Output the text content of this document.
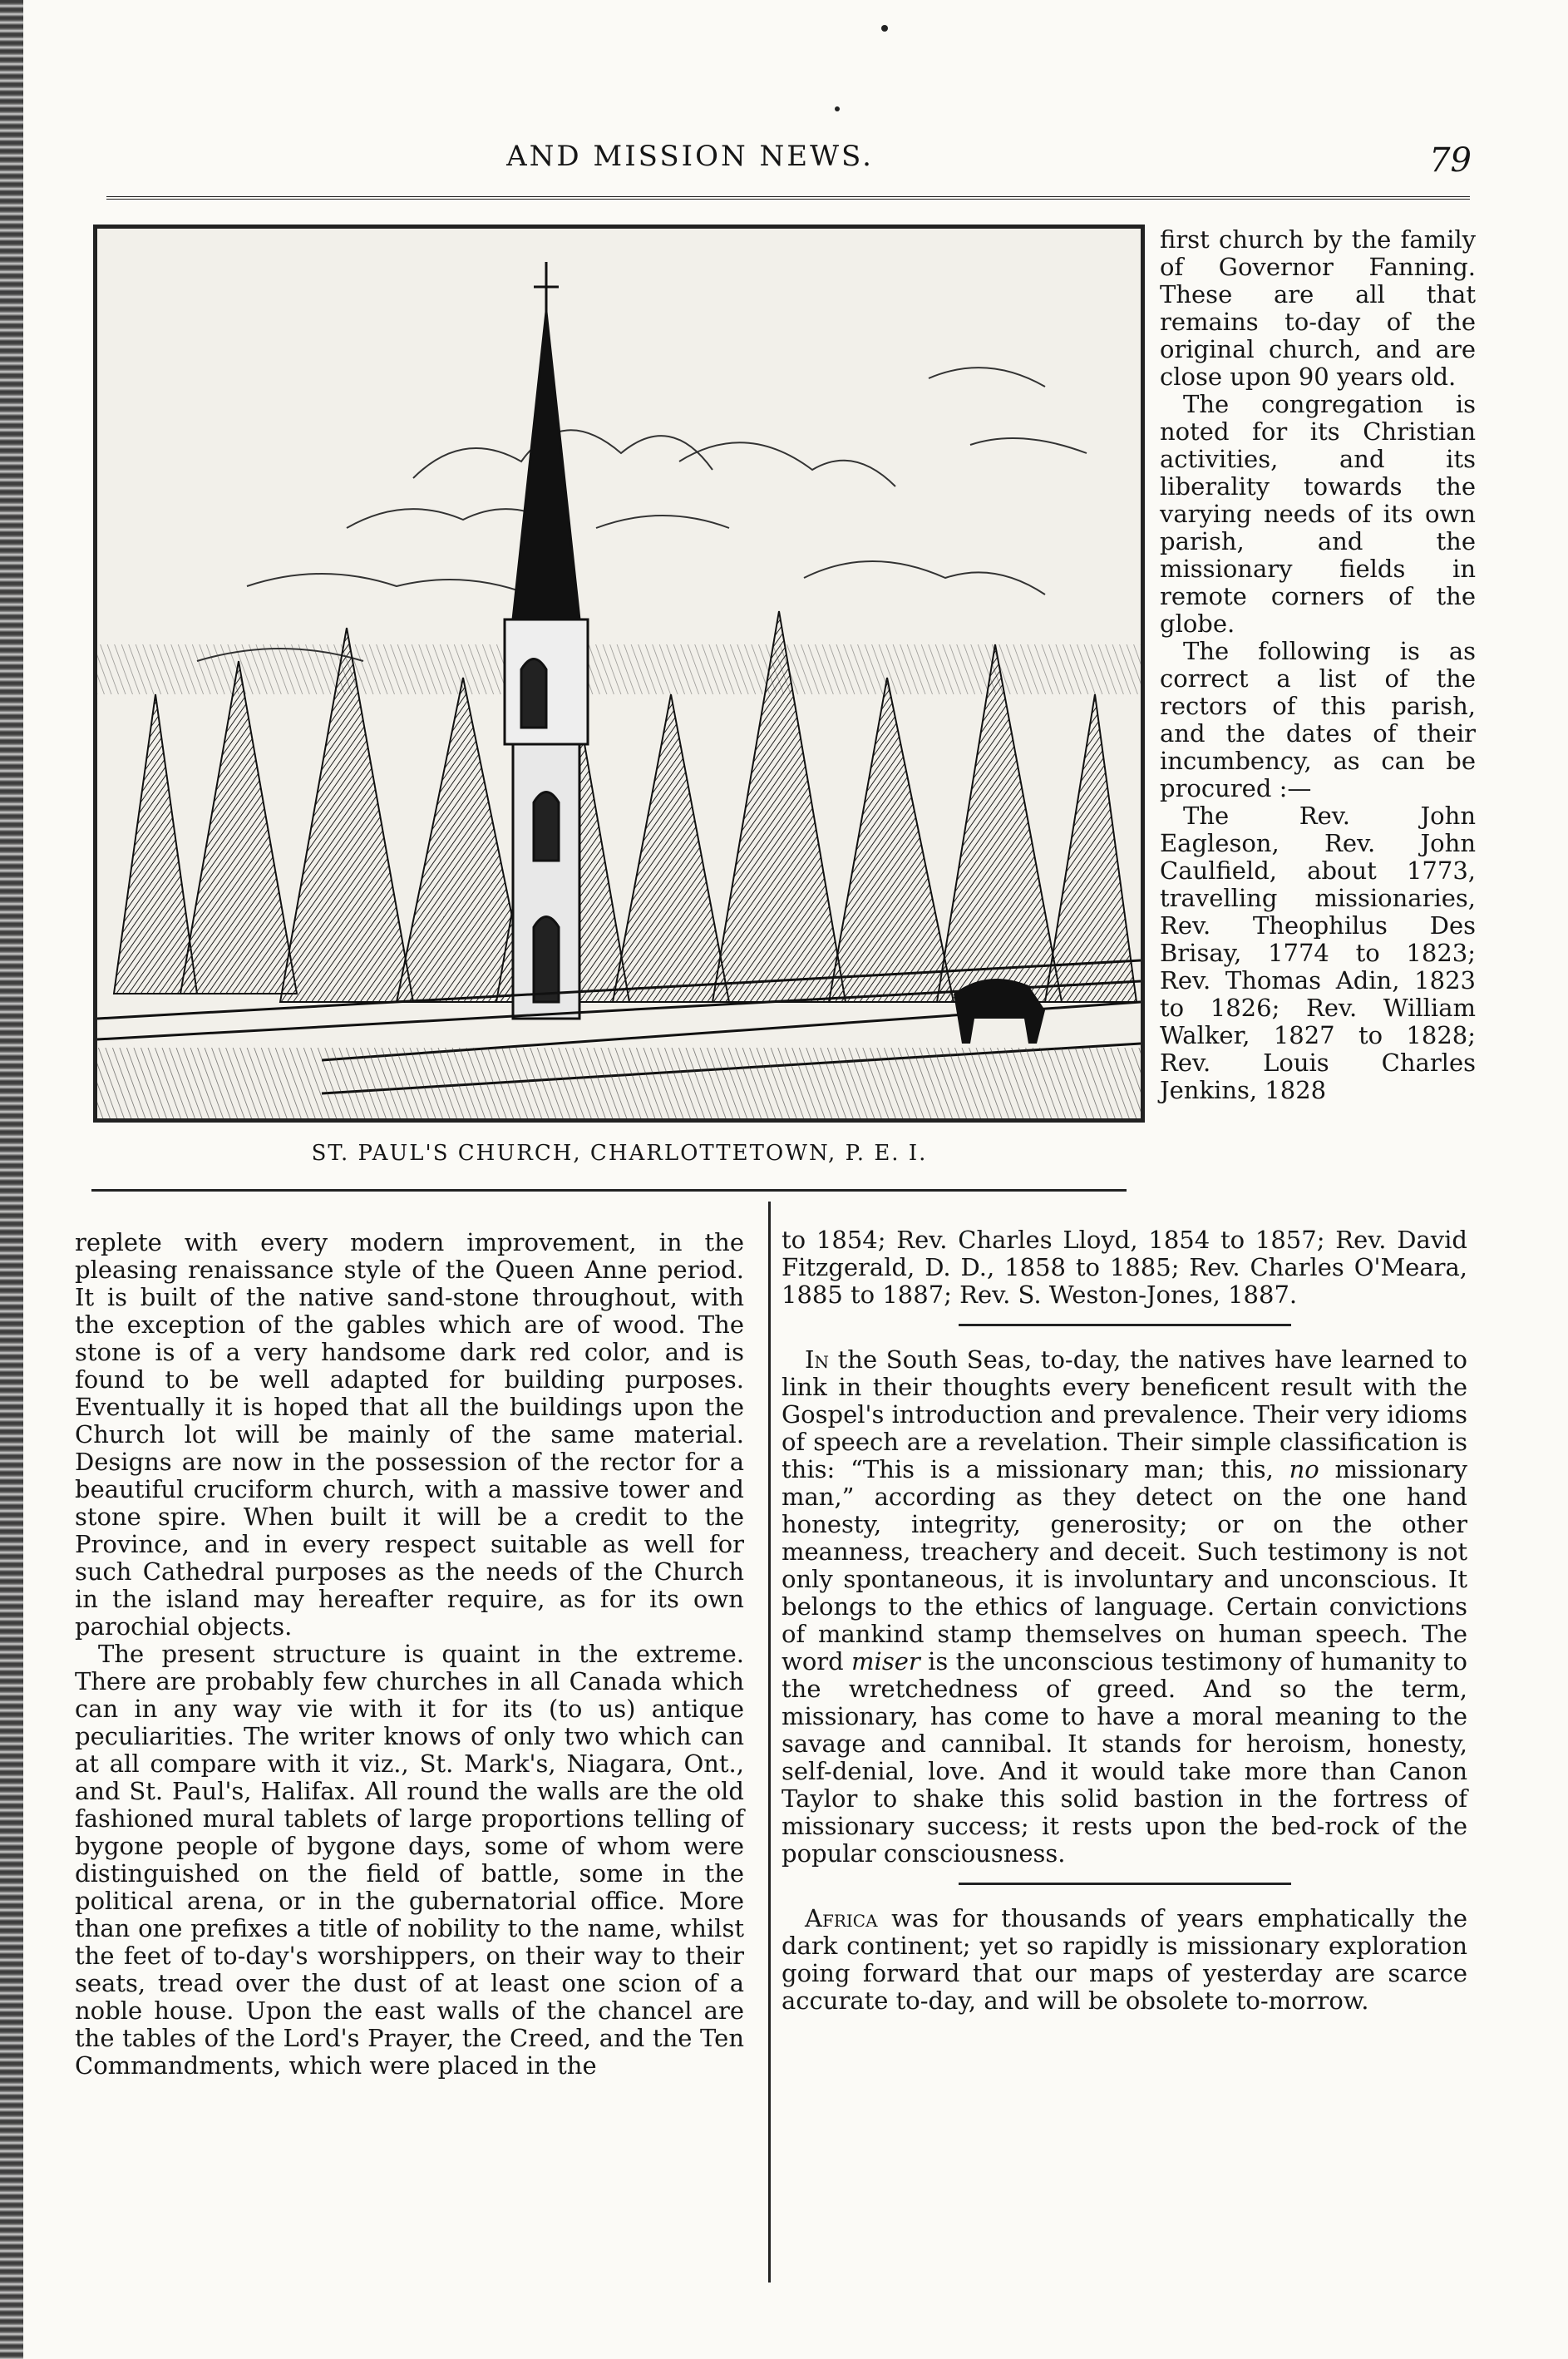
AND MISSION NEWS.	79
ST. PAUL'S CHURCH, CHARLOTTETOWN, P. E. I.

first church by the family of Governor Fanning. These are all that remains to-day of the original church, and are close upon 90 years old.

The congregation is noted for its Christian activities, and its liberality towards the varying needs of its own parish, and the missionary fields in remote corners of the globe.

The following is as correct a list of the rectors of this parish, and the dates of their incumbency, as can be procured :—

The Rev. John Eagleson, Rev. John Caulfield, about 1773, travelling missionaries, Rev. Theophilus Des Brisay, 1774 to 1823; Rev. Thomas Adin, 1823 to 1826; Rev. William Walker, 1827 to 1828; Rev. Louis Charles Jenkins, 1828

replete with every modern improvement, in the pleasing renaissance style of the Queen Anne period. It is built of the native sand-stone throughout, with the exception of the gables which are of wood. The stone is of a very handsome dark red color, and is found to be well adapted for building purposes. Eventually it is hoped that all the buildings upon the Church lot will be mainly of the same material. Designs are now in the possession of the rector for a beautiful cruciform church, with a massive tower and stone spire. When built it will be a credit to the Province, and in every respect suitable as well for such Cathedral purposes as the needs of the Church in the island may hereafter require, as for its own parochial objects.

The present structure is quaint in the extreme. There are probably few churches in all Canada which can in any way vie with it for its (to us) antique peculiarities. The writer knows of only two which can at all compare with it viz., St. Mark's, Niagara, Ont., and St. Paul's, Halifax. All round the walls are the old fashioned mural tablets of large proportions telling of bygone people of bygone days, some of whom were distinguished on the field of battle, some in the political arena, or in the gubernatorial office. More than one prefixes a title of nobility to the name, whilst the feet of to-day's worshippers, on their way to their seats, tread over the dust of at least one scion of a noble house. Upon the east walls of the chancel are the tables of the Lord's Prayer, the Creed, and the Ten Commandments, which were placed in the

to 1854; Rev. Charles Lloyd, 1854 to 1857; Rev. David Fitzgerald, D. D., 1858 to 1885; Rev. Charles O'Meara, 1885 to 1887; Rev. S. Weston-Jones, 1887.

In the South Seas, to-day, the natives have learned to link in their thoughts every beneficent result with the Gospel's introduction and prevalence. Their very idioms of speech are a revelation. Their simple classification is this: “This is a missionary man; this, no missionary man,” according as they detect on the one hand honesty, integrity, generosity; or on the other meanness, treachery and deceit. Such testimony is not only spontaneous, it is involuntary and unconscious. It belongs to the ethics of language. Certain convictions of mankind stamp themselves on human speech. The word miser is the unconscious testimony of humanity to the wretchedness of greed. And so the term, missionary, has come to have a moral meaning to the savage and cannibal. It stands for heroism, honesty, self-denial, love. And it would take more than Canon Taylor to shake this solid bastion in the fortress of missionary success; it rests upon the bed-rock of the popular consciousness.

Africa was for thousands of years emphatically the dark continent; yet so rapidly is missionary exploration going forward that our maps of yesterday are scarce accurate to-day, and will be obsolete to-morrow.
